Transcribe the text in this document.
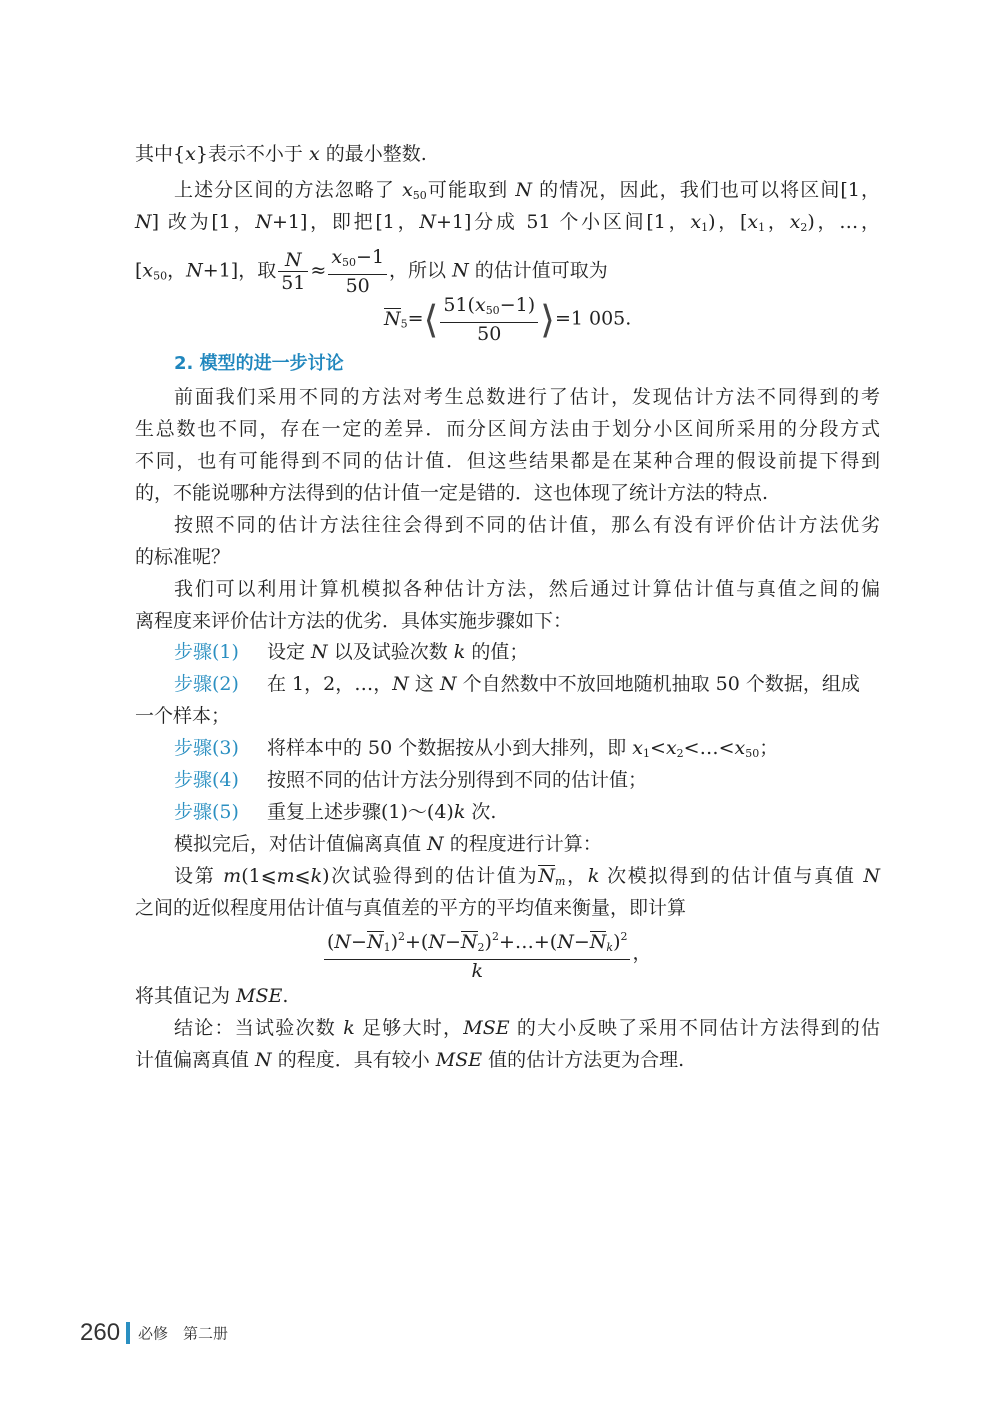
其中{x}表示不小于 x 的最小整数.
上述分区间的方法忽略了 $x_{50}$可能取到 N 的情况，因此，我们也可以将区间[1，
N] 改为[1，N+1]，即把[1，N+1]分成 51 个小区间[1，$x_1$)，[$x_1$，$x_2$)，…，
[$x_{50}$，N+1]，取 $\frac{N}{51} \approx \frac{x_{50}-1}{50}$ ，所以 N 的估计值可取为
$N_5=⟨ \frac{51(x_{50}-1)}{50}$ ⟩=1 005.
2. 模型的进一步讨论
前面我们采用不同的方法对考生总数进行了估计，发现估计方法不同得到的考
生总数也不同，存在一定的差异．而分区间方法由于划分小区间所采用的分段方式
不同，也有可能得到不同的估计值．但这些结果都是在某种合理的假设前提下得到
的，不能说哪种方法得到的估计值一定是错的．这也体现了统计方法的特点.
按照不同的估计方法往往会得到不同的估计值，那么有没有评价估计方法优劣
的标准呢？
我们可以利用计算机模拟各种估计方法，然后通过计算估计值与真值之间的偏
离程度来评价估计方法的优劣．具体实施步骤如下：
步骤(1) 设定 N 以及试验次数 k 的值；
步骤(2) 在 1，2，…，N 这 N 个自然数中不放回地随机抽取 50 个数据，组成
一个样本；
步骤(3) 将样本中的 50 个数据按从小到大排列，即 $x_1<x_2<\dots<x_{50}$；
步骤(4) 按照不同的估计方法分别得到不同的估计值；
步骤(5) 重复上述步骤(1)～(4)k 次.
模拟完后，对估计值偏离真值 N 的程度进行计算：
设第 m(1⩽m⩽k)次试验得到的估计值为$N_m$，k 次模拟得到的估计值与真值 N
之间的近似程度用估计值与真值差的平方的平均值来衡量，即计算
$\frac{(N-N_1)^2+(N-N_2)^2+\dots+(N-N_k)^2}{k}$ ，
将其值记为 MSE.
结论：当试验次数 k 足够大时，MSE 的大小反映了采用不同估计方法得到的估
计值偏离真值 N 的程度．具有较小 MSE 值的估计方法更为合理.
260 必修　第二册
